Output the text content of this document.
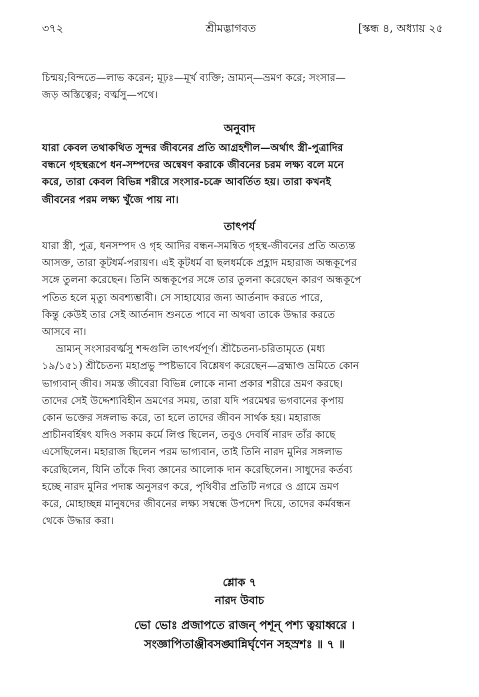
৩৭২	শ্রীমদ্ভাগবত	[স্কন্ধ ৪, অধ্যায় ২৫

চিন্ময়;বিন্দতে—লাভ করেন; মূঢ়ঃ—মূর্খ ব্যক্তি; ভ্রাম্যন্—ভ্রমণ করে; সংসার—

জড় অস্তিত্বের; বর্ত্মসু—পথে।

অনুবাদ

যারা কেবল তথাকথিত সুন্দর জীবনের প্রতি আগ্রহশীল—অর্থাৎ স্ত্রী-পুত্রাদির

বন্ধনে গৃহস্থরূপে ধন-সম্পদের অন্বেষণ করাকে জীবনের চরম লক্ষ্য বলে মনে

করে, তারা কেবল বিভিন্ন শরীরে সংসার-চক্রে আবর্তিত হয়। তারা কখনই

জীবনের পরম লক্ষ্য খুঁজে পায় না।

তাৎপর্য

যারা স্ত্রী, পুত্র, ধনসম্পদ ও গৃহ আদির বন্ধন-সমন্বিত গৃহস্থ-জীবনের প্রতি অত্যন্ত

আসক্ত, তারা কূটধর্ম-পরায়ণ। এই কূটধর্ম বা ছলধর্মকে প্রহ্লাদ মহারাজ অন্ধকূপের

সঙ্গে তুলনা করেছেন। তিনি অন্ধকূপের সঙ্গে তার তুলনা করেছেন কারণ অন্ধকূপে

পতিত হলে মৃত্যু অবশ্যম্ভাবী। সে সাহায্যের জন্য আর্তনাদ করতে পারে,

কিন্তু কেউই তার সেই আর্তনাদ শুনতে পাবে না অথবা তাকে উদ্ধার করতে

আসবে না।

ভ্রাম্যন্ সংসারবর্ত্মসু শব্দগুলি তাৎপর্যপূর্ণ। শ্রীচৈতন্য-চরিতামৃতে (মধ্য

১৯/১৫১) শ্রীচৈতন্য মহাপ্রভু স্পষ্টভাবে বিশ্লেষণ করেছেন—ব্রহ্মাণ্ড ভ্রমিতে কোন

ভাগ্যবান্ জীব। সমস্ত জীবেরা বিভিন্ন লোকে নানা প্রকার শরীরে ভ্রমণ করছে।

তাদের সেই উদ্দেশ্যবিহীন ভ্রমণের সময়, তারা যদি পরমেশ্বর ভগবানের কৃপায়

কোন ভক্তের সঙ্গলাভ করে, তা হলে তাদের জীবন সার্থক হয়। মহারাজ

প্রাচীনবর্হিষৎ যদিও সকাম কর্মে লিপ্ত ছিলেন, তবুও দেবর্ষি নারদ তাঁর কাছে

এসেছিলেন। মহারাজ ছিলেন পরম ভাগ্যবান, তাই তিনি নারদ মুনির সঙ্গলাভ

করেছিলেন, যিনি তাঁকে দিব্য জ্ঞানের আলোক দান করেছিলেন। সাধুদের কর্তব্য

হচ্ছে নারদ মুনির পদাঙ্ক অনুসরণ করে, পৃথিবীর প্রতিটি নগরে ও গ্রামে ভ্রমণ

করে, মোহাচ্ছন্ন মানুষদের জীবনের লক্ষ্য সম্বন্ধে উপদেশ দিয়ে, তাদের কর্মবন্ধন

থেকে উদ্ধার করা।

শ্লোক ৭
নারদ উবাচ
ভো ভোঃ প্রজাপতে রাজন্ পশূন্ পশ্য ত্বয়াধ্বরে ।
সংজ্ঞাপিতাঞ্জীবসঙ্ঘান্নির্ঘৃণেন সহস্রশঃ ॥ ৭ ॥
